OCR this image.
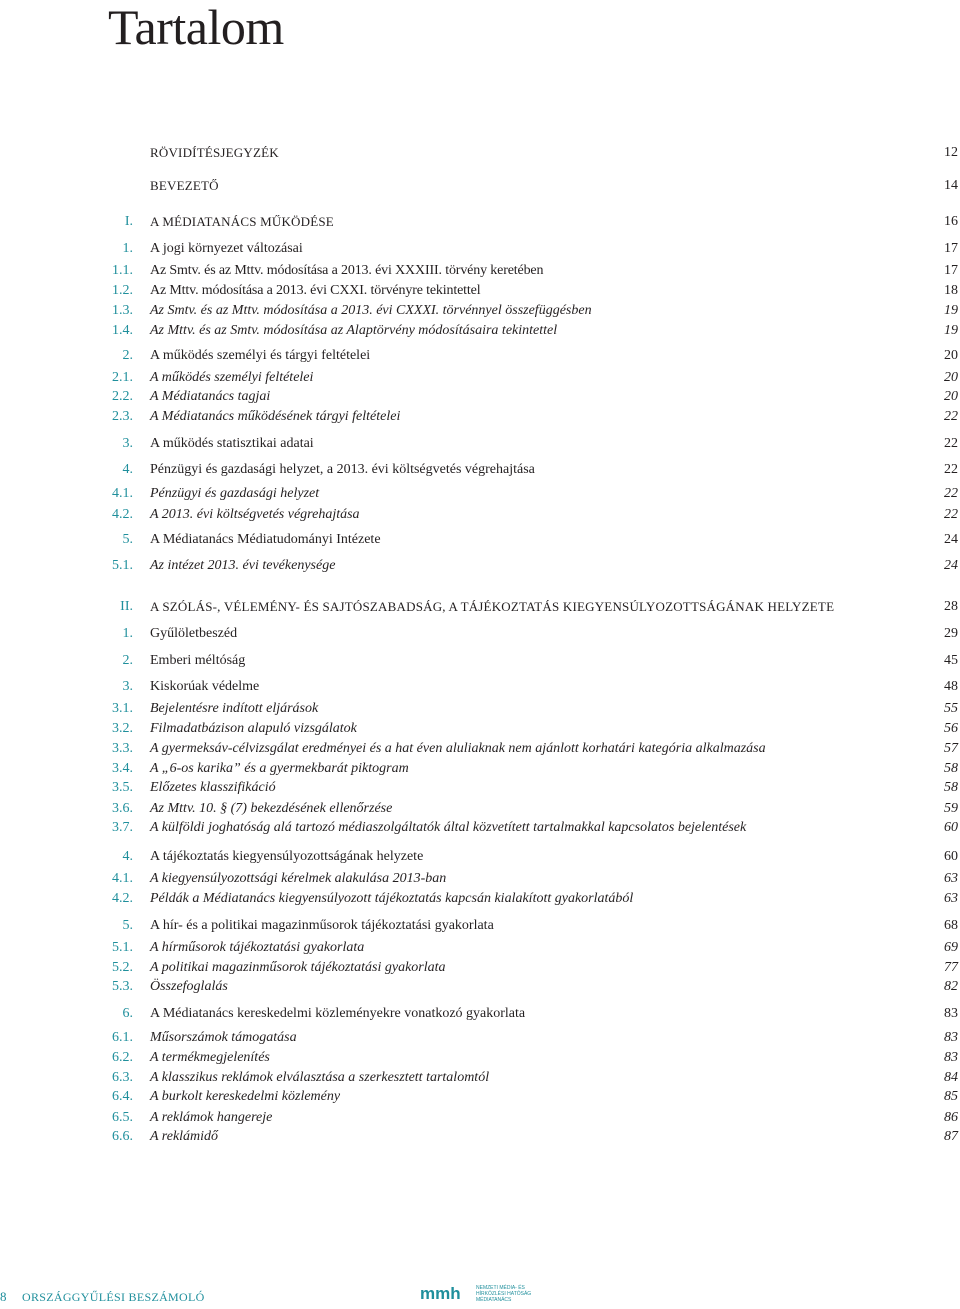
Tartalom
RÖVIDÍTÉSJEGYZÉK	12
BEVEZETŐ	14
I. A MÉDIATANÁCS MŰKÖDÉSE	16
1. A jogi környezet változásai	17
1.1. Az Smtv. és az Mttv. módosítása a 2013. évi XXXIII. törvény keretében	17
1.2. Az Mttv. módosítása a 2013. évi CXXI. törvényre tekintettel	18
1.3. Az Smtv. és az Mttv. módosítása a 2013. évi CXXXI. törvénnyel összefüggésben	19
1.4. Az Mttv. és az Smtv. módosítása az Alaptörvény módosításaira tekintettel	19
2. A működés személyi és tárgyi feltételei	20
2.1. A működés személyi feltételei	20
2.2. A Médiatanács tagjai	20
2.3. A Médiatanács működésének tárgyi feltételei	22
3. A működés statisztikai adatai	22
4. Pénzügyi és gazdasági helyzet, a 2013. évi költségvetés végrehajtása	22
4.1. Pénzügyi és gazdasági helyzet	22
4.2. A 2013. évi költségvetés végrehajtása	22
5. A Médiatanács Médiatudományi Intézete	24
5.1. Az intézet 2013. évi tevékenysége	24
II. A SZÓLÁS-, VÉLEMÉNY- ÉS SAJTÓSZABADSÁG, A TÁJÉKOZTATÁS KIEGYENSÚLYOZOTTSÁGÁNAK HELYZETE	28
1. Gyűlöletbeszéd	29
2. Emberi méltóság	45
3. Kiskorúak védelme	48
3.1. Bejelentésre indított eljárások	55
3.2. Filmadatbázison alapuló vizsgálatok	56
3.3. A gyermeksáv-célvizsgálat eredményei és a hat éven aluliaknak nem ajánlott korhatári kategória alkalmazása	57
3.4. A „6-os karika” és a gyermekbarát piktogram	58
3.5. Előzetes klasszifikáció	58
3.6. Az Mttv. 10. § (7) bekezdésének ellenőrzése	59
3.7. A külföldi joghatóság alá tartozó médiaszolgáltatók által közvetített tartalmakkal kapcsolatos bejelentések	60
4. A tájékoztatás kiegyensúlyozottságának helyzete	60
4.1. A kiegyensúlyozottsági kérelmek alakulása 2013-ban	63
4.2. Példák a Médiatanács kiegyensúlyozott tájékoztatás kapcsán kialakított gyakorlatából	63
5. A hír- és a politikai magazinműsorok tájékoztatási gyakorlata	68
5.1. A hírműsorok tájékoztatási gyakorlata	69
5.2. A politikai magazinműsorok tájékoztatási gyakorlata	77
5.3. Összefoglalás	82
6. A Médiatanács kereskedelmi közleményekre vonatkozó gyakorlata	83
6.1. Műsorszámok támogatása	83
6.2. A termékmegjelenítés	83
6.3. A klasszikus reklámok elválasztása a szerkesztett tartalomtól	84
6.4. A burkolt kereskedelmi közlemény	85
6.5. A reklámok hangereje	86
6.6. A reklámidő	87
8 ORSZÁGGYŰLÉSI BESZÁMOLÓ	mmh	NEMZETI MÉDIA- ÉS
HÍRKÖZLÉSI HATÓSÁG
MÉDIATANÁCS
